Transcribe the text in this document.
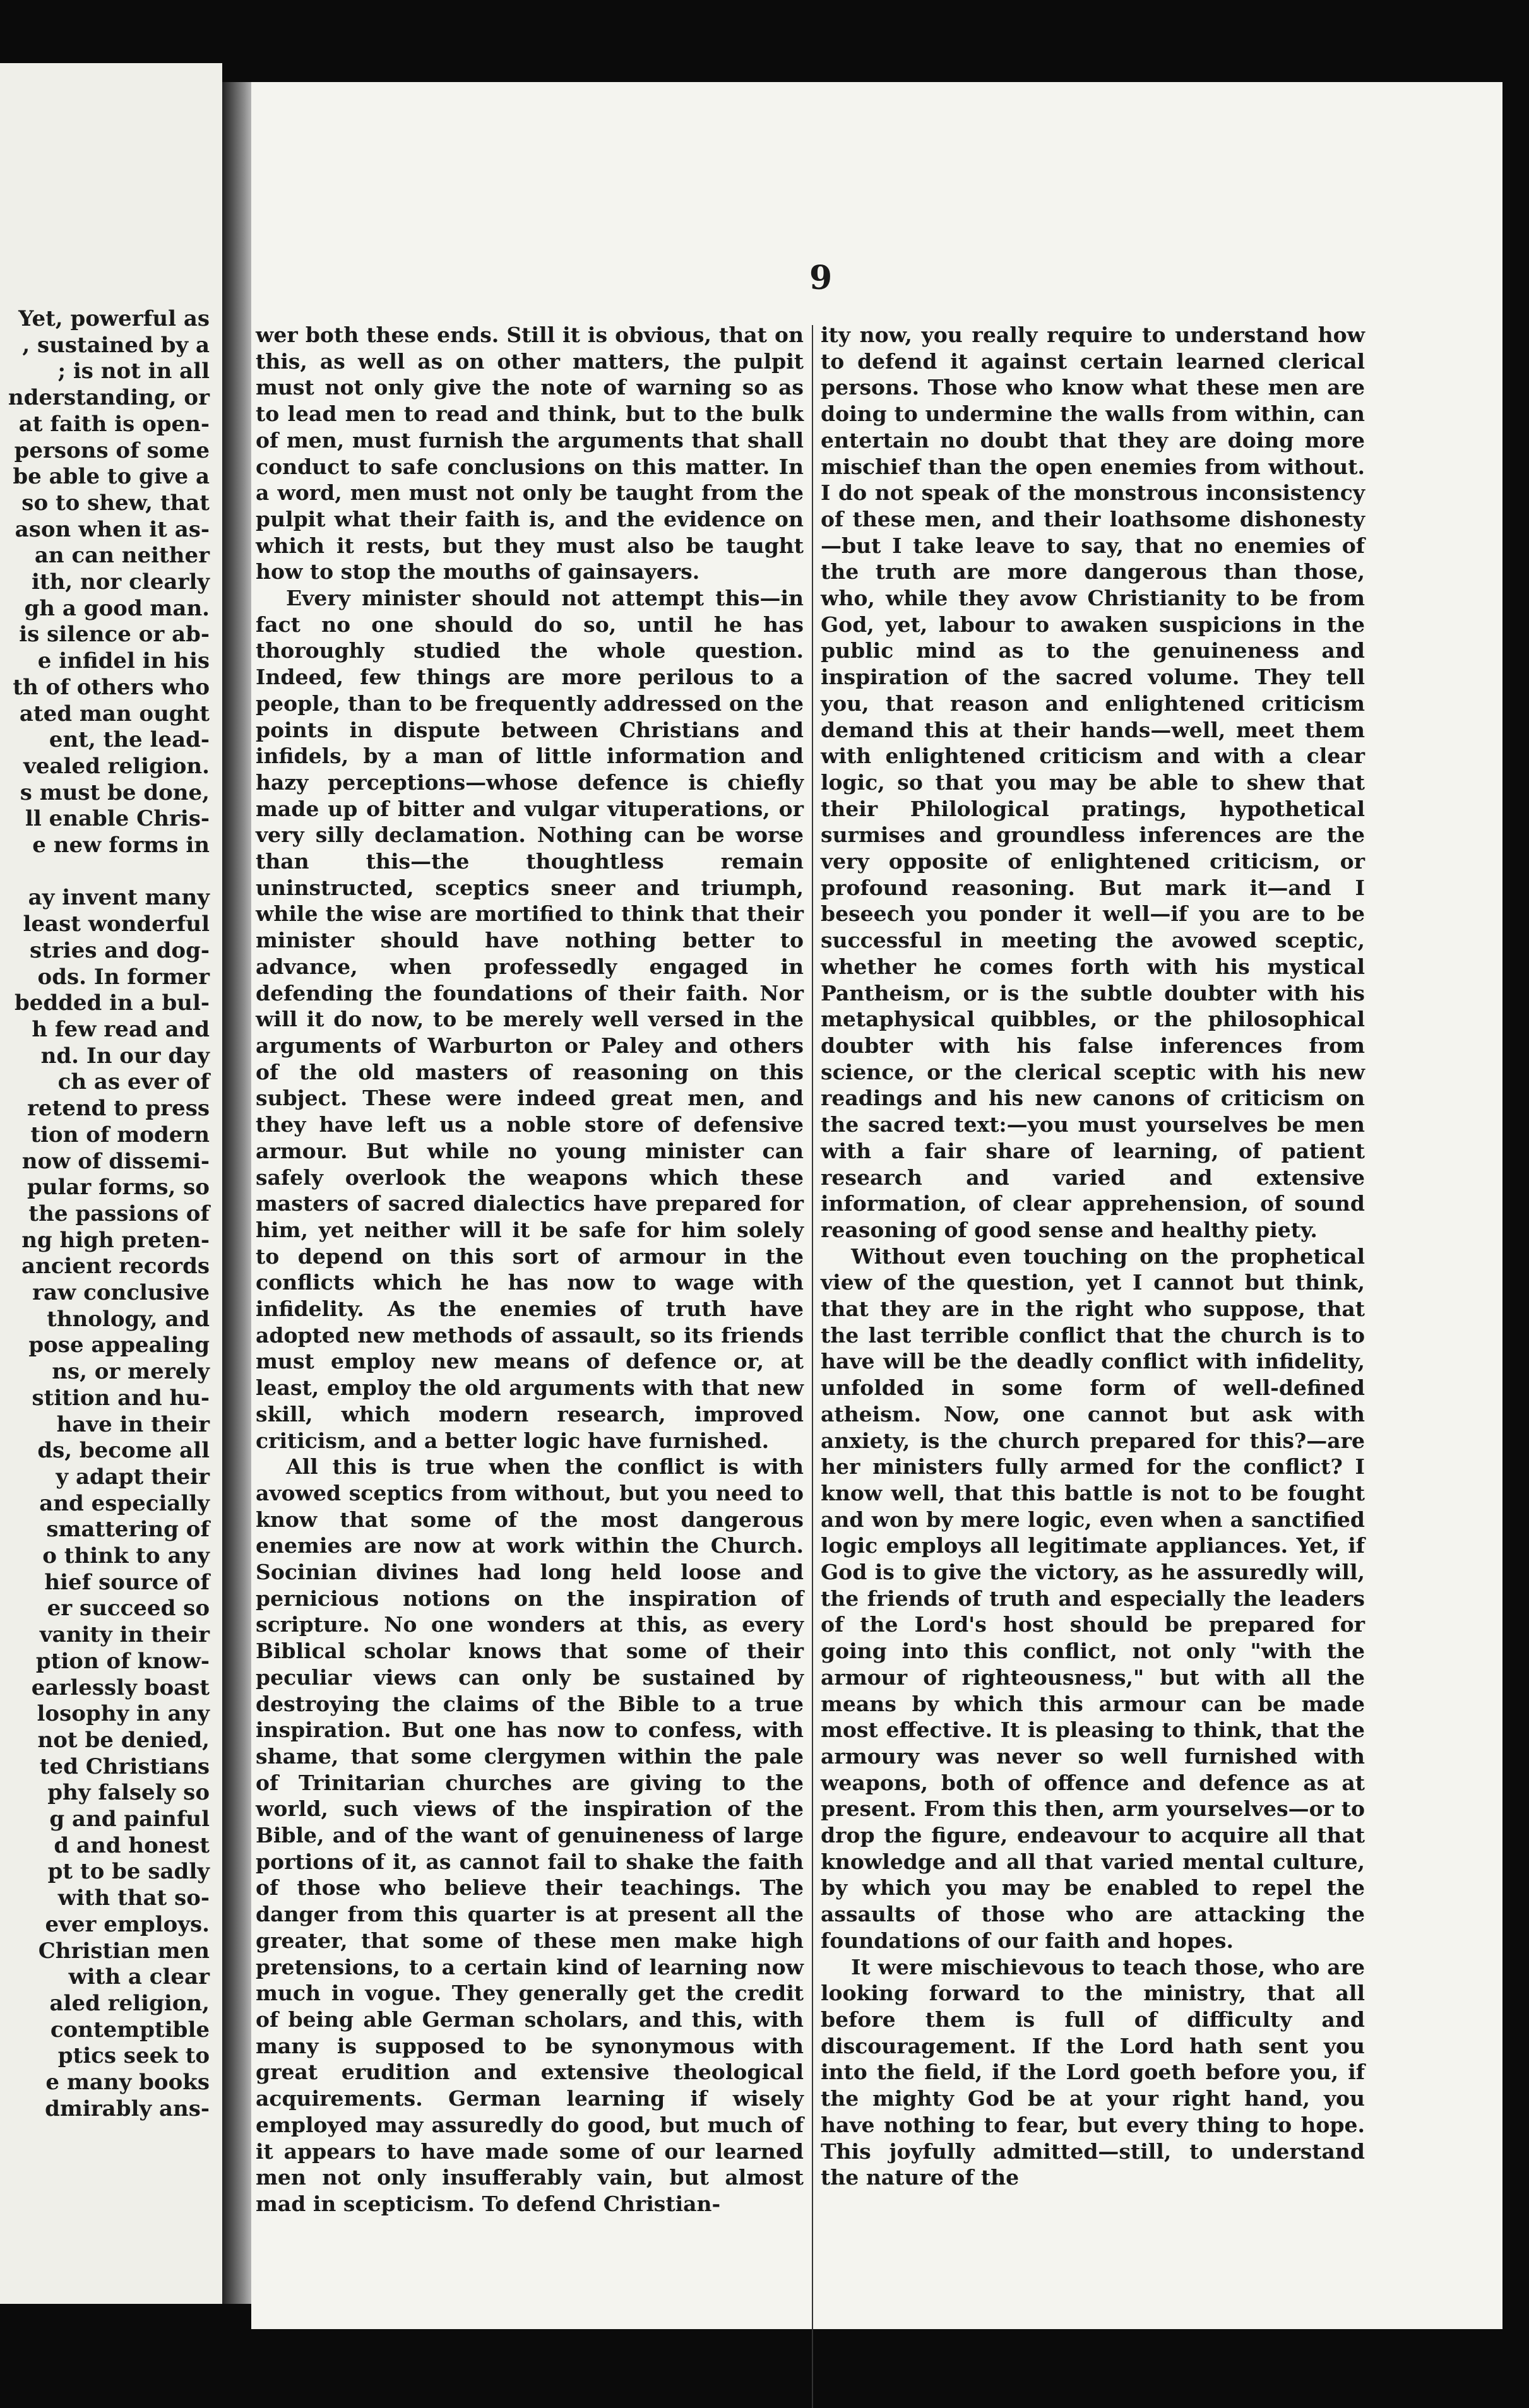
Yet, powerful as
, sustained by a
; is not in all
nderstanding, or
at faith is open-
persons of some
be able to give a
so to shew, that
ason when it as-
an can neither
ith, nor clearly
gh a good man.
is silence or ab-
e infidel in his
th of others who
ated man ought
ent, the lead-
vealed religion.
s must be done,
ll enable Chris-
e new forms in

ay invent many
least wonderful
stries and dog-
ods. In former
bedded in a bul-
h few read and
nd. In our day
ch as ever of
retend to press
tion of modern
now of dissemi-
pular forms, so
the passions of
ng high preten-
ancient records
raw conclusive
thnology, and
pose appealing
ns, or merely
stition and hu-
have in their
ds, become all
y adapt their
and especially
smattering of
o think to any
hief source of
er succeed so
vanity in their
ption of know-
earlessly boast
losophy in any
not be denied,
ted Christians
phy falsely so
g and painful
d and honest
pt to be sadly
with that so-
ever employs.
Christian men
with a clear
aled religion,
contemptible
ptics seek to
e many books
dmirably ans-
9

wer both these ends. Still it is obvious, that on this, as well as on other matters, the pulpit must not only give the note of warning so as to lead men to read and think, but to the bulk of men, must furnish the arguments that shall conduct to safe conclusions on this matter. In a word, men must not only be taught from the pulpit what their faith is, and the evidence on which it rests, but they must also be taught how to stop the mouths of gainsayers.

Every minister should not attempt this—in fact no one should do so, until he has thoroughly studied the whole question. Indeed, few things are more perilous to a people, than to be frequently addressed on the points in dispute between Christians and infidels, by a man of little information and hazy perceptions—whose defence is chiefly made up of bitter and vulgar vituperations, or very silly declamation. Nothing can be worse than this—the thoughtless remain uninstructed, sceptics sneer and triumph, while the wise are mortified to think that their minister should have nothing better to advance, when professedly engaged in defending the foundations of their faith. Nor will it do now, to be merely well versed in the arguments of Warburton or Paley and others of the old masters of reasoning on this subject. These were indeed great men, and they have left us a noble store of defensive armour. But while no young minister can safely overlook the weapons which these masters of sacred dialectics have prepared for him, yet neither will it be safe for him solely to depend on this sort of armour in the conflicts which he has now to wage with infidelity. As the enemies of truth have adopted new methods of assault, so its friends must employ new means of defence or, at least, employ the old arguments with that new skill, which modern research, improved criticism, and a better logic have furnished.

All this is true when the conflict is with avowed sceptics from without, but you need to know that some of the most dangerous enemies are now at work within the Church. Socinian divines had long held loose and pernicious notions on the inspiration of scripture. No one wonders at this, as every Biblical scholar knows that some of their peculiar views can only be sustained by destroying the claims of the Bible to a true inspiration. But one has now to confess, with shame, that some clergymen within the pale of Trinitarian churches are giving to the world, such views of the inspiration of the Bible, and of the want of genuineness of large portions of it, as cannot fail to shake the faith of those who believe their teachings. The danger from this quarter is at present all the greater, that some of these men make high pretensions, to a certain kind of learning now much in vogue. They generally get the credit of being able German scholars, and this, with many is supposed to be synonymous with great erudition and extensive theological acquirements. German learning if wisely employed may assuredly do good, but much of it appears to have made some of our learned men not only insufferably vain, but almost mad in scepticism. To defend Christian-

ity now, you really require to understand how to defend it against certain learned clerical persons. Those who know what these men are doing to undermine the walls from within, can entertain no doubt that they are doing more mischief than the open enemies from without. I do not speak of the monstrous inconsistency of these men, and their loathsome dishonesty—but I take leave to say, that no enemies of the truth are more dangerous than those, who, while they avow Christianity to be from God, yet, labour to awaken suspicions in the public mind as to the genuineness and inspiration of the sacred volume. They tell you, that reason and enlightened criticism demand this at their hands—well, meet them with enlightened criticism and with a clear logic, so that you may be able to shew that their Philological pratings, hypothetical surmises and groundless inferences are the very opposite of enlightened criticism, or profound reasoning. But mark it—and I beseech you ponder it well—if you are to be successful in meeting the avowed sceptic, whether he comes forth with his mystical Pantheism, or is the subtle doubter with his metaphysical quibbles, or the philosophical doubter with his false inferences from science, or the clerical sceptic with his new readings and his new canons of criticism on the sacred text:—you must yourselves be men with a fair share of learning, of patient research and varied and extensive information, of clear apprehension, of sound reasoning of good sense and healthy piety.

Without even touching on the prophetical view of the question, yet I cannot but think, that they are in the right who suppose, that the last terrible conflict that the church is to have will be the deadly conflict with infidelity, unfolded in some form of well-defined atheism. Now, one cannot but ask with anxiety, is the church prepared for this?—are her ministers fully armed for the conflict? I know well, that this battle is not to be fought and won by mere logic, even when a sanctified logic employs all legitimate appliances. Yet, if God is to give the victory, as he assuredly will, the friends of truth and especially the leaders of the Lord's host should be prepared for going into this conflict, not only "with the armour of righteousness," but with all the means by which this armour can be made most effective. It is pleasing to think, that the armoury was never so well furnished with weapons, both of offence and defence as at present. From this then, arm yourselves—or to drop the figure, endeavour to acquire all that knowledge and all that varied mental culture, by which you may be enabled to repel the assaults of those who are attacking the foundations of our faith and hopes.

It were mischievous to teach those, who are looking forward to the ministry, that all before them is full of difficulty and discouragement. If the Lord hath sent you into the field, if the Lord goeth before you, if the mighty God be at your right hand, you have nothing to fear, but every thing to hope. This joyfully admitted—still, to understand the nature of the
